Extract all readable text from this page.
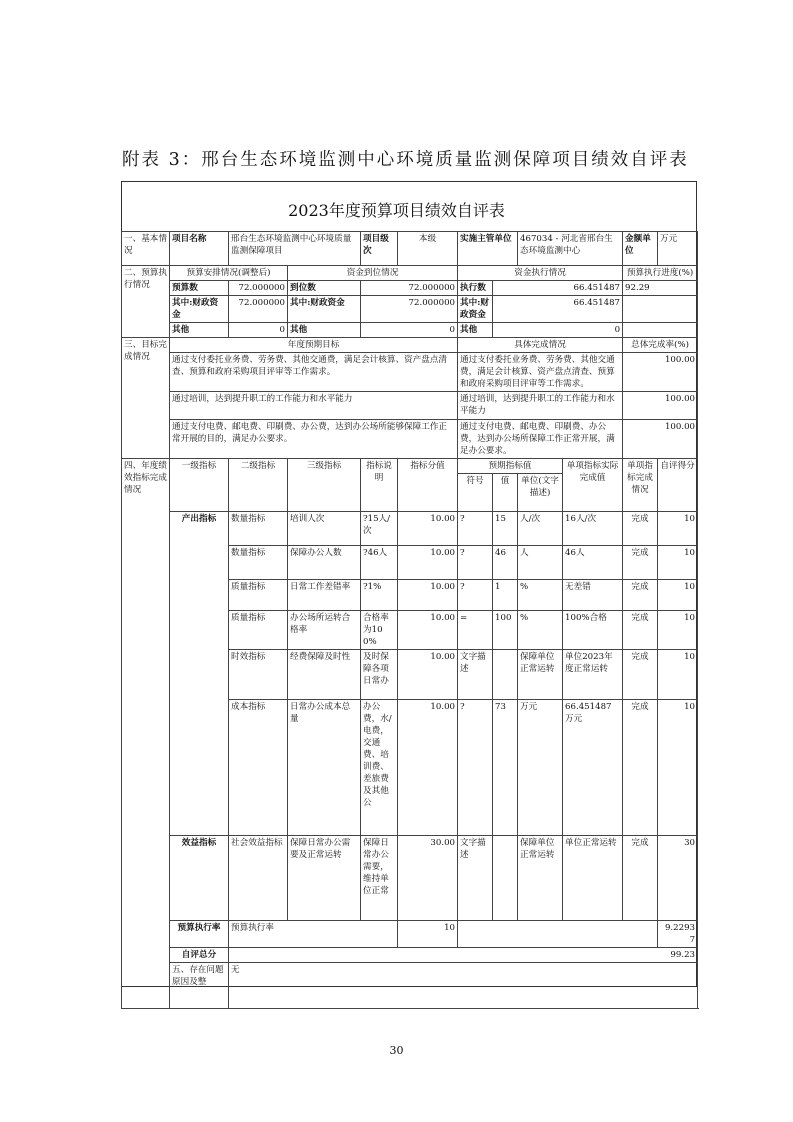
附表 3：邢台生态环境监测中心环境质量监测保障项目绩效自评表
2023年度预算项目绩效自评表
一、基本情况	项目名称	邢台生态环境监测中心环境质量监测保障项目		项目级次	本级	实施主管单位		467034 - 河北省邢台生态环境监测中心		金额单位	万元
二、预算执行情况	预算安排情况(调整后)		资金到位情况			资金执行情况				预算执行进度(%)	
	预算数	72.000000	到位数	72.000000		执行数	66.451487			92.29	
	其中:财政资金	72.000000	其中:财政资金	72.000000		其中:财政资金	66.451487				
	其他	0	其他	0		其他	0				
三、目标完成情况	年度预期目标					具体完成情况				总体完成率(%)	
	通过支付委托业务费、劳务费、其他交通费，满足会计核算、资产盘点清查、预算和政府采购项目评审等工作需求。					通过支付委托业务费、劳务费、其他交通费，满足会计核算、资产盘点清查、预算和政府采购项目评审等工作需求。				100.00	
	通过培训，达到提升职工的工作能力和水平能力					通过培训，达到提升职工的工作能力和水平能力				100.00	
	通过支付电费、邮电费、印刷费、办公费，达到办公场所能够保障工作正常开展的目的，满足办公要求。					通过支付电费、邮电费、印刷费、办公费，达到办公场所保障工作正常开展，满足办公要求。				100.00	
四、年度绩效指标完成情况	一级指标	二级指标	三级指标	指标说明	指标分值	预期指标值			单项指标实际完成值	单项指标完成情况	自评得分
						符号	值	单位(文字描述)			
	产出指标	数量指标	培训人次	?15人/次	10.00	?	15	人/次	16人/次	完成	10
		数量指标	保障办公人数	?46人	10.00	?	46	人	46人	完成	10
		质量指标	日常工作差错率	?1%	10.00	?	1	%	无差错	完成	10
		质量指标	办公场所运转合格率	合格率为100%	10.00	=	100	%	100%合格	完成	10
		时效指标	经费保障及时性	及时保障各项日常办	10.00	文字描述		保障单位正常运转	单位2023年度正常运转	完成	10
		成本指标	日常办公成本总量	办公费，水/电费，交通费、培训费、差旅费及其他公	10.00	?	73	万元	66.451487万元	完成	10
	效益指标	社会效益指标	保障日常办公需要及正常运转	保障日常办公需要，维持单位正常	30.00	文字描述		保障单位正常运转	单位正常运转	完成	30
	预算执行率	预算执行率			10						9.22937
	自评总分	99.23									
	五、存在问题原因及整	无									
30
